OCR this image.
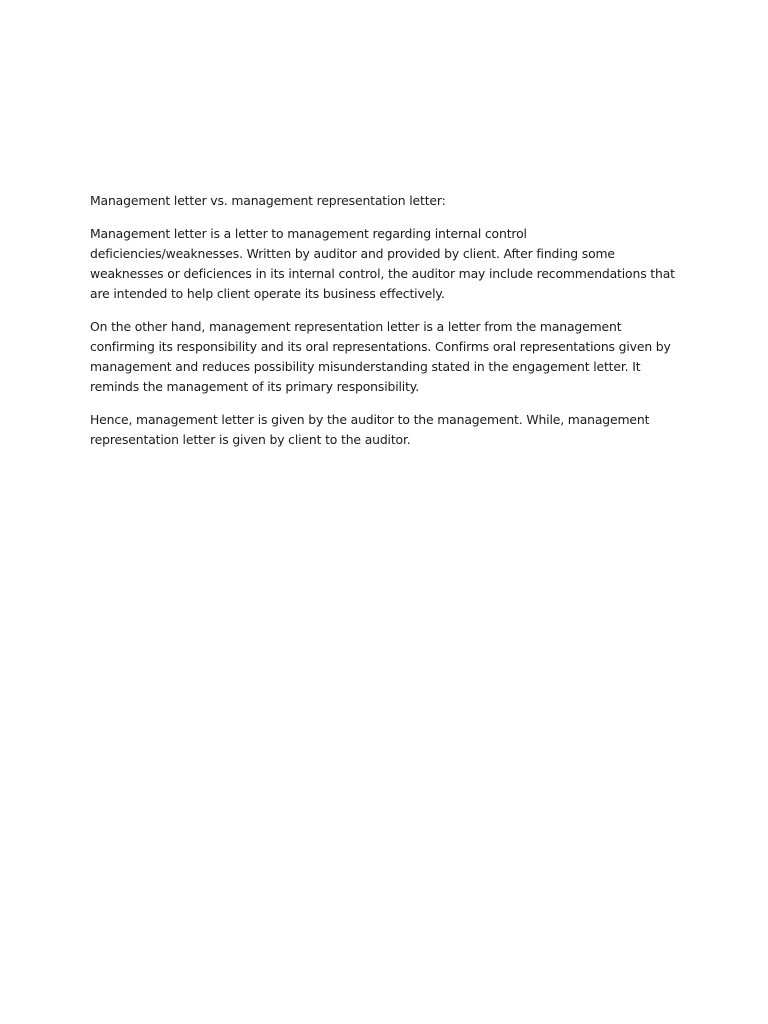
Management letter vs. management representation letter:

Management letter is a letter to management regarding internal control deficiencies/weaknesses. Written by auditor and provided by client. After finding some weaknesses or deficiences in its internal control, the auditor may include recommendations that are intended to help client operate its business effectively.

On the other hand, management representation letter is a letter from the management confirming its responsibility and its oral representations. Confirms oral representations given by management and reduces possibility misunderstanding stated in the engagement letter. It reminds the management of its primary responsibility.

Hence, management letter is given by the auditor to the management. While, management representation letter is given by client to the auditor.
